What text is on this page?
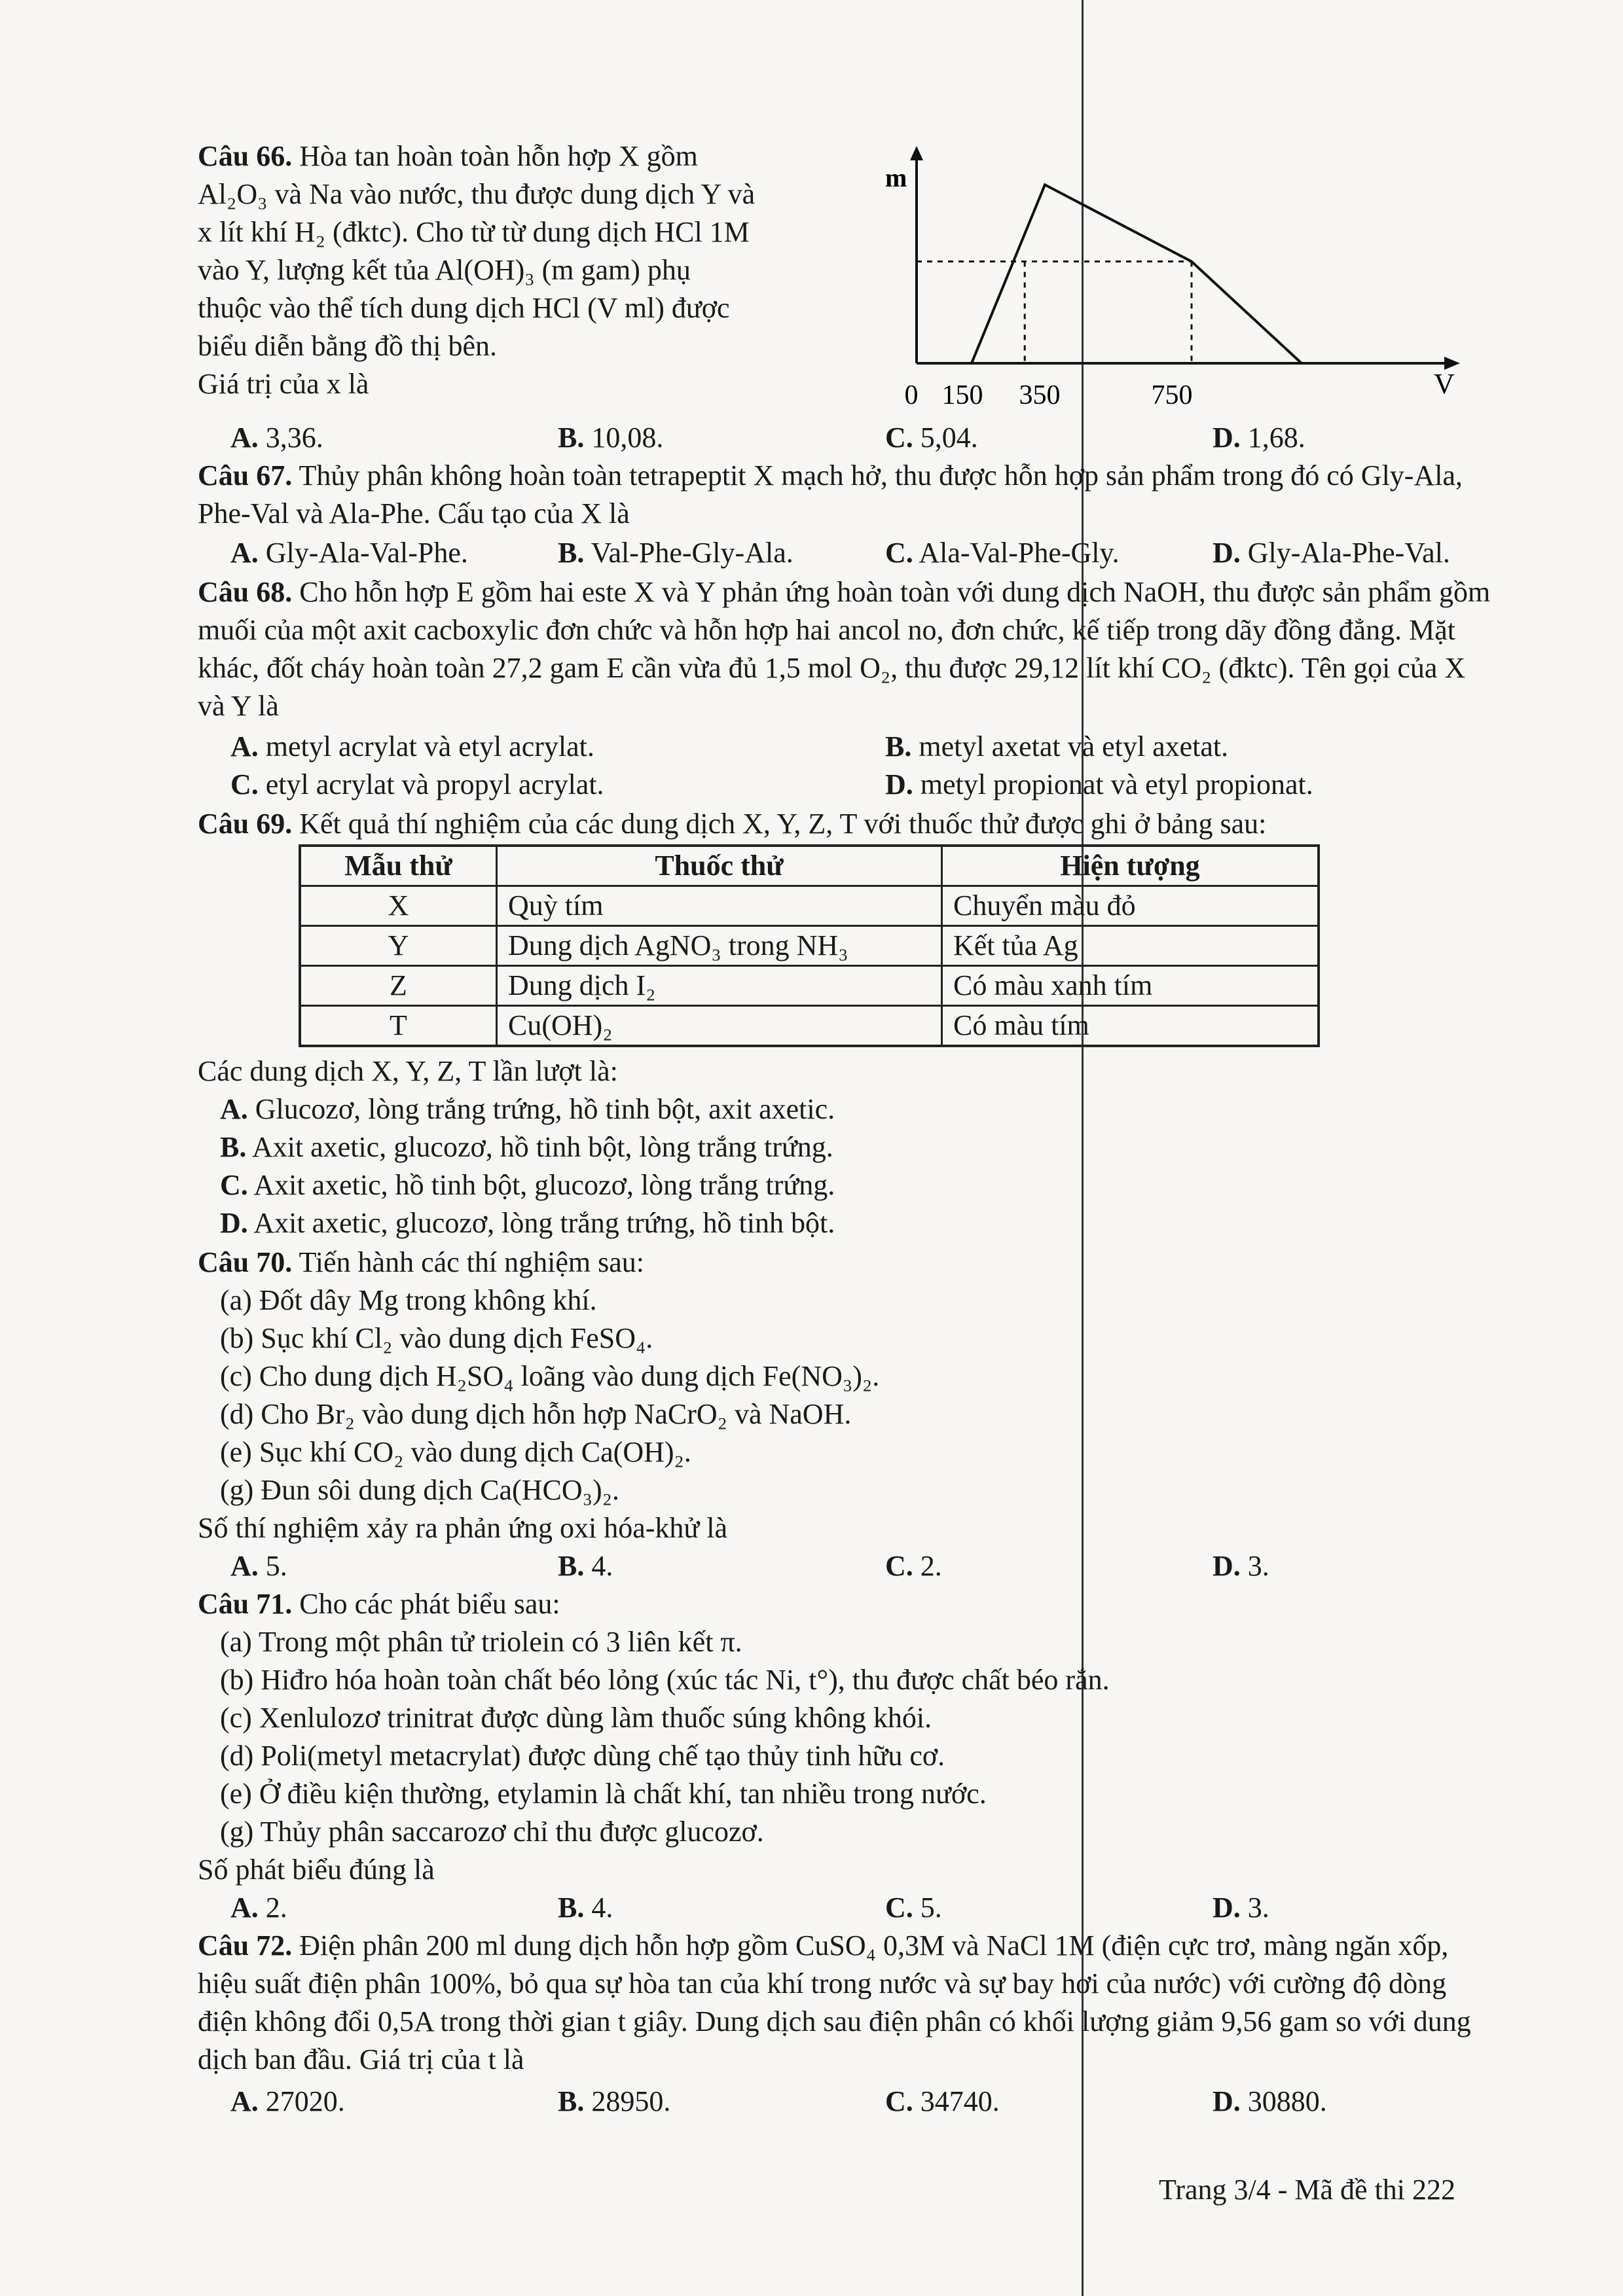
Câu 66. Hòa tan hoàn toàn hỗn hợp X gồm
Al₂O₃ và Na vào nước, thu được dung dịch Y và
x lít khí H₂ (đktc). Cho từ từ dung dịch HCl 1M
vào Y, lượng kết tủa Al(OH)₃ (m gam) phụ
thuộc vào thể tích dung dịch HCl (V ml) được
biểu diễn bằng đồ thị bên.
Giá trị của x là
m
V
0 150 350	750
A. 3,36.	B. 10,08.	C. 5,04.	D. 1,68.
Câu 67. Thủy phân không hoàn toàn tetrapeptit X mạch hở, thu được hỗn hợp sản phẩm trong đó có Gly-Ala, Phe-Val và Ala-Phe. Cấu tạo của X là
A. Gly-Ala-Val-Phe.	B. Val-Phe-Gly-Ala.	C. Ala-Val-Phe-Gly.	D. Gly-Ala-Phe-Val.
Câu 68. Cho hỗn hợp E gồm hai este X và Y phản ứng hoàn toàn với dung dịch NaOH, thu được sản phẩm gồm muối của một axit cacboxylic đơn chức và hỗn hợp hai ancol no, đơn chức, kế tiếp trong dãy đồng đẳng. Mặt khác, đốt cháy hoàn toàn 27,2 gam E cần vừa đủ 1,5 mol O₂, thu được 29,12 lít khí CO₂ (đktc). Tên gọi của X và Y là
A. metyl acrylat và etyl acrylat.	B. metyl axetat và etyl axetat.
C. etyl acrylat và propyl acrylat.	D. metyl propionat và etyl propionat.
Câu 69. Kết quả thí nghiệm của các dung dịch X, Y, Z, T với thuốc thử được ghi ở bảng sau:
Mẫu thử	Thuốc thử	Hiện tượng
X	Quỳ tím	Chuyển màu đỏ
Y	Dung dịch AgNO₃ trong NH₃	Kết tủa Ag
Z	Dung dịch I₂	Có màu xanh tím
T	Cu(OH)₂	Có màu tím
Các dung dịch X, Y, Z, T lần lượt là:
A. Glucozơ, lòng trắng trứng, hồ tinh bột, axit axetic.
B. Axit axetic, glucozơ, hồ tinh bột, lòng trắng trứng.
C. Axit axetic, hồ tinh bột, glucozơ, lòng trắng trứng.
D. Axit axetic, glucozơ, lòng trắng trứng, hồ tinh bột.
Câu 70. Tiến hành các thí nghiệm sau:
(a) Đốt dây Mg trong không khí.
(b) Sục khí Cl₂ vào dung dịch FeSO₄.
(c) Cho dung dịch H₂SO₄ loãng vào dung dịch Fe(NO₃)₂.
(d) Cho Br₂ vào dung dịch hỗn hợp NaCrO₂ và NaOH.
(e) Sục khí CO₂ vào dung dịch Ca(OH)₂.
(g) Đun sôi dung dịch Ca(HCO₃)₂.
Số thí nghiệm xảy ra phản ứng oxi hóa-khử là
A. 5.	B. 4.	C. 2.	D. 3.
Câu 71. Cho các phát biểu sau:
(a) Trong một phân tử triolein có 3 liên kết π.
(b) Hiđro hóa hoàn toàn chất béo lỏng (xúc tác Ni, t°), thu được chất béo rắn.
(c) Xenlulozơ trinitrat được dùng làm thuốc súng không khói.
(d) Poli(metyl metacrylat) được dùng chế tạo thủy tinh hữu cơ.
(e) Ở điều kiện thường, etylamin là chất khí, tan nhiều trong nước.
(g) Thủy phân saccarozơ chỉ thu được glucozơ.
Số phát biểu đúng là
A. 2.	B. 4.	C. 5.	D. 3.
Câu 72. Điện phân 200 ml dung dịch hỗn hợp gồm CuSO₄ 0,3M và NaCl 1M (điện cực trơ, màng ngăn xốp, hiệu suất điện phân 100%, bỏ qua sự hòa tan của khí trong nước và sự bay hơi của nước) với cường độ dòng điện không đổi 0,5A trong thời gian t giây. Dung dịch sau điện phân có khối lượng giảm 9,56 gam so với dung dịch ban đầu. Giá trị của t là
A. 27020.	B. 28950.	C. 34740.	D. 30880.
Trang 3/4 - Mã đề thi 222
